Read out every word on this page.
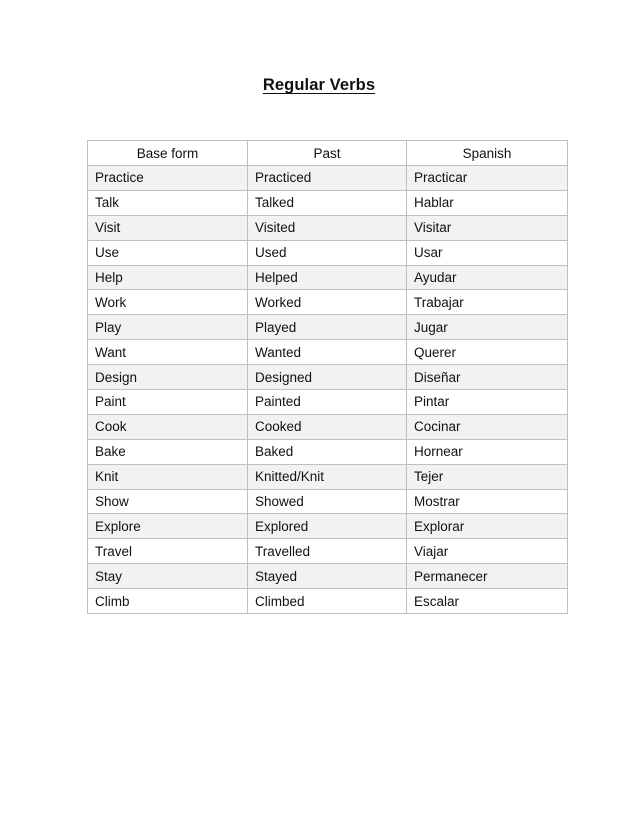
Regular Verbs
Base form	Past	Spanish
Practice	Practiced	Practicar
Talk	Talked	Hablar
Visit	Visited	Visitar
Use	Used	Usar
Help	Helped	Ayudar
Work	Worked	Trabajar
Play	Played	Jugar
Want	Wanted	Querer
Design	Designed	Diseñar
Paint	Painted	Pintar
Cook	Cooked	Cocinar
Bake	Baked	Hornear
Knit	Knitted/Knit	Tejer
Show	Showed	Mostrar
Explore	Explored	Explorar
Travel	Travelled	Viajar
Stay	Stayed	Permanecer
Climb	Climbed	Escalar
